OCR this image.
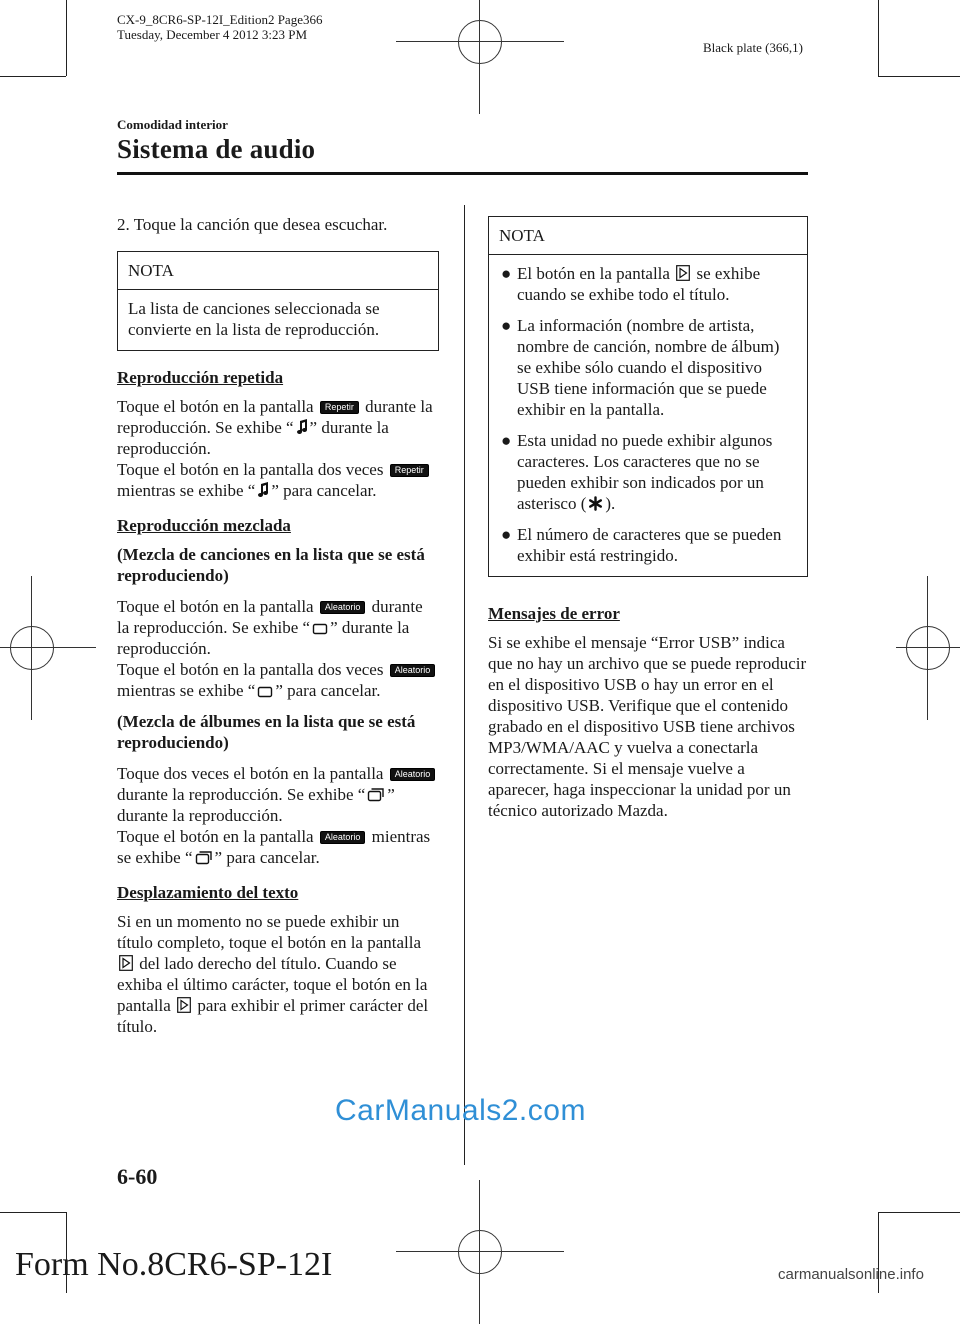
CX-9_8CR6-SP-12I_Edition2 Page366
Tuesday, December 4 2012 3:23 PM
Black plate (366,1)
Comodidad interior
Sistema de audio

2. Toque la canción que desea escuchar.

NOTA
La lista de canciones seleccionada se convierte en la lista de reproducción.

Reproducción repetida

Toque el botón en la pantalla Repetir durante la reproducción. Se exhibe “ ” durante la reproducción.
Toque el botón en la pantalla dos veces Repetir mientras se exhibe “ ” para cancelar.

Reproducción mezclada

(Mezcla de canciones en la lista que se está reproduciendo)

Toque el botón en la pantalla Aleatorio durante la reproducción. Se exhibe “ ” durante la reproducción.
Toque el botón en la pantalla dos veces Aleatorio mientras se exhibe “ ” para cancelar.

(Mezcla de álbumes en la lista que se está reproduciendo)

Toque dos veces el botón en la pantalla Aleatorio durante la reproducción. Se exhibe “ ” durante la reproducción.
Toque el botón en la pantalla Aleatorio mientras se exhibe “ ” para cancelar.

Desplazamiento del texto

Si en un momento no se puede exhibir un título completo, toque el botón en la pantalla  del lado derecho del título. Cuando se exhiba el último carácter, toque el botón en la pantalla para exhibir el primer carácter del título.

NOTA
● El botón en la pantalla se exhibe cuando se exhibe todo el título.
● La información (nombre de artista, nombre de canción, nombre de álbum) se exhibe sólo cuando el dispositivo USB tiene información que se puede exhibir en la pantalla.
● Esta unidad no puede exhibir algunos caracteres. Los caracteres que no se pueden exhibir son indicados por un asterisco ( ).
● El número de caracteres que se pueden exhibir está restringido.

Mensajes de error

Si se exhibe el mensaje “Error USB” indica que no hay un archivo que se puede reproducir en el dispositivo USB o hay un error en el dispositivo USB. Verifique que el contenido grabado en el dispositivo USB tiene archivos MP3/WMA/AAC y vuelva a conectarla correctamente. Si el mensaje vuelve a aparecer, haga inspeccionar la unidad por un técnico autorizado Mazda.

6-60
CarManuals2.com
Form No.8CR6-SP-12I	carmanualsonline.info
